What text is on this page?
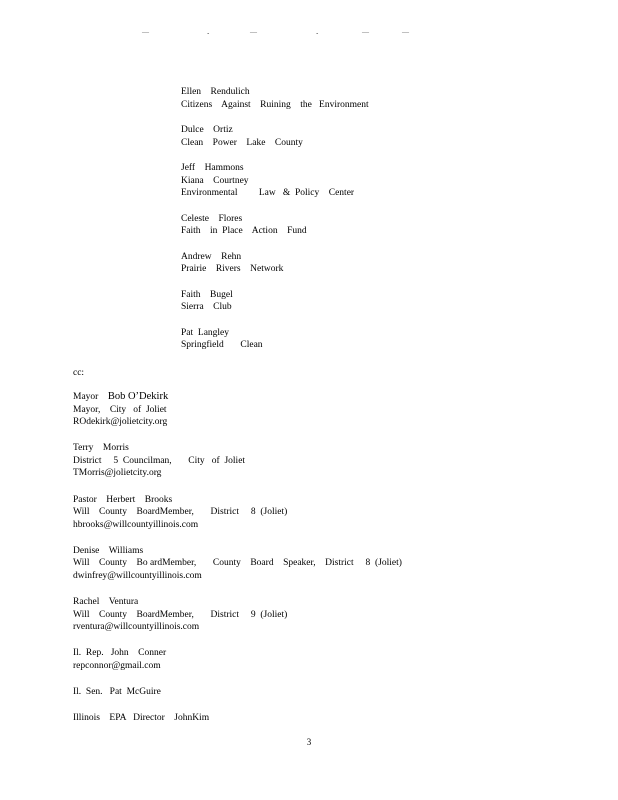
—	..	—	..	—	—
Ellen    Rendulich
Citizens    Against    Ruining    the   Environment
Dulce    Ortiz
Clean    Power    Lake    County
Jeff    Hammons
Kiana    Courtney
Environmental         Law   &  Policy    Center
Celeste    Flores
Faith    in  Place    Action    Fund
Andrew    Rehn
Prairie    Rivers    Network
Faith    Bugel
Sierra    Club
Pat  Langley
Springfield       Clean
cc:
Mayor    Bob O’Dekirk
Mayor,    City   of  Joliet
ROdekirk@jolietcity.org
Terry    Morris
District     5  Councilman,       City   of  Joliet
TMorris@jolietcity.org
Pastor    Herbert    Brooks
Will    County    BoardMember,       District     8  (Joliet)
hbrooks@willcountyillinois.com
Denise    Williams
Will    County    Bo ardMember,       County    Board    Speaker,    District     8  (Joliet)
dwinfrey@willcountyillinois.com
Rachel    Ventura
Will    County    BoardMember,       District     9  (Joliet)
rventura@willcountyillinois.com
Il.  Rep.   John    Conner
repconnor@gmail.com
Il.  Sen.   Pat  McGuire
Illinois    EPA   Director    JohnKim
3
